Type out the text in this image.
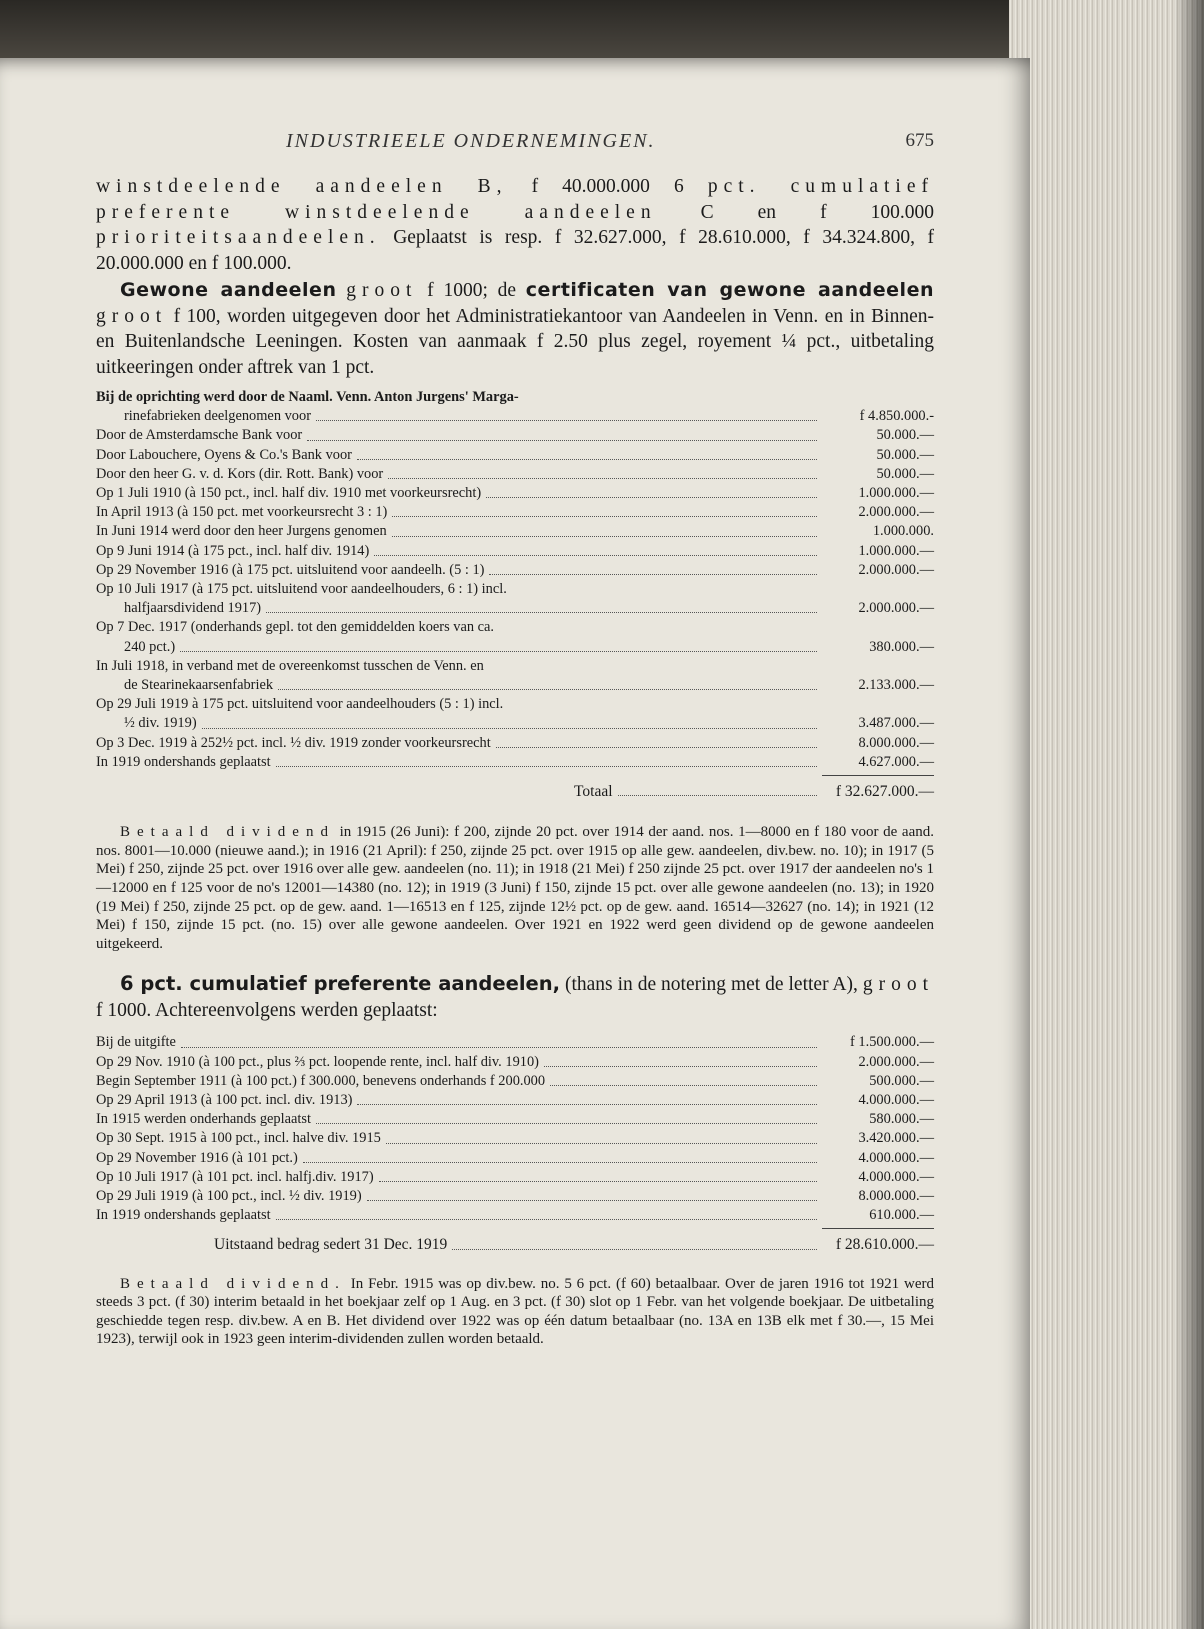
INDUSTRIEELE ONDERNEMINGEN.	675

winstdeelende aandeelen B, f 40.000.000 6 pct. cumulatief preferente winstdeelende aandeelen C en f 100.000 prioriteitsaandeelen. Geplaatst is resp. f 32.627.000, f 28.610.000, f 34.324.800, f 20.000.000 en f 100.000.

Gewone aandeelen groot f 1000; de certificaten van gewone aandeelen groot f 100, worden uitgegeven door het Administratiekantoor van Aandeelen in Venn. en in Binnen- en Buitenlandsche Leeningen. Kosten van aanmaak f 2.50 plus zegel, royement ¼ pct., uitbetaling uitkeeringen onder aftrek van 1 pct.

Bij de oprichting werd door de Naaml. Venn. Anton Jurgens' Marga-
rinefabrieken deelgenomen voor	f 4.850.000.-
Door de Amsterdamsche Bank voor	50.000.—
Door Labouchere, Oyens & Co.'s Bank voor	50.000.—
Door den heer G. v. d. Kors (dir. Rott. Bank) voor	50.000.—
Op 1 Juli 1910 (à 150 pct., incl. half div. 1910 met voorkeursrecht)	1.000.000.—
In April 1913 (à 150 pct. met voorkeursrecht 3 : 1)	2.000.000.—
In Juni 1914 werd door den heer Jurgens genomen	1.000.000.
Op 9 Juni 1914 (à 175 pct., incl. half div. 1914)	1.000.000.—
Op 29 November 1916 (à 175 pct. uitsluitend voor aandeelh. (5 : 1)	2.000.000.—
Op 10 Juli 1917 (à 175 pct. uitsluitend voor aandeelhouders, 6 : 1) incl.
halfjaarsdividend 1917)	2.000.000.—
Op 7 Dec. 1917 (onderhands gepl. tot den gemiddelden koers van ca.
240 pct.)	380.000.—
In Juli 1918, in verband met de overeenkomst tusschen de Venn. en
de Stearinekaarsenfabriek	2.133.000.—
Op 29 Juli 1919 à 175 pct. uitsluitend voor aandeelhouders (5 : 1) incl.
½ div. 1919)	3.487.000.—
Op 3 Dec. 1919 à 252½ pct. incl. ½ div. 1919 zonder voorkeursrecht	8.000.000.—
In 1919 ondershands geplaatst	4.627.000.—
Totaal	f 32.627.000.—

Betaald dividend in 1915 (26 Juni): f 200, zijnde 20 pct. over 1914 der aand. nos. 1—8000 en f 180 voor de aand. nos. 8001—10.000 (nieuwe aand.); in 1916 (21 April): f 250, zijnde 25 pct. over 1915 op alle gew. aandeelen, div.bew. no. 10); in 1917 (5 Mei) f 250, zijnde 25 pct. over 1916 over alle gew. aandeelen (no. 11); in 1918 (21 Mei) f 250 zijnde 25 pct. over 1917 der aandeelen no's 1—12000 en f 125 voor de no's 12001—14380 (no. 12); in 1919 (3 Juni) f 150, zijnde 15 pct. over alle gewone aandeelen (no. 13); in 1920 (19 Mei) f 250, zijnde 25 pct. op de gew. aand. 1—16513 en f 125, zijnde 12½ pct. op de gew. aand. 16514—32627 (no. 14); in 1921 (12 Mei) f 150, zijnde 15 pct. (no. 15) over alle gewone aandeelen. Over 1921 en 1922 werd geen dividend op de gewone aandeelen uitgekeerd.

6 pct. cumulatief preferente aandeelen, (thans in de notering met de letter A), groot f 1000. Achtereenvolgens werden geplaatst:

Bij de uitgifte	f 1.500.000.—
Op 29 Nov. 1910 (à 100 pct., plus ⅔ pct. loopende rente, incl. half div. 1910)	2.000.000.—
Begin September 1911 (à 100 pct.) f 300.000, benevens onderhands f 200.000	500.000.—
Op 29 April 1913 (à 100 pct. incl. div. 1913)	4.000.000.—
In 1915 werden onderhands geplaatst	580.000.—
Op 30 Sept. 1915 à 100 pct., incl. halve div. 1915	3.420.000.—
Op 29 November 1916 (à 101 pct.)	4.000.000.—
Op 10 Juli 1917 (à 101 pct. incl. halfj.div. 1917)	4.000.000.—
Op 29 Juli 1919 (à 100 pct., incl. ½ div. 1919)	8.000.000.—
In 1919 ondershands geplaatst	610.000.—
Uitstaand bedrag sedert 31 Dec. 1919	f 28.610.000.—

Betaald dividend. In Febr. 1915 was op div.bew. no. 5 6 pct. (f 60) betaalbaar. Over de jaren 1916 tot 1921 werd steeds 3 pct. (f 30) interim betaald in het boekjaar zelf op 1 Aug. en 3 pct. (f 30) slot op 1 Febr. van het volgende boekjaar. De uitbetaling geschiedde tegen resp. div.bew. A en B. Het dividend over 1922 was op één datum betaalbaar (no. 13A en 13B elk met f 30.—, 15 Mei 1923), terwijl ook in 1923 geen interim-dividenden zullen worden betaald.
